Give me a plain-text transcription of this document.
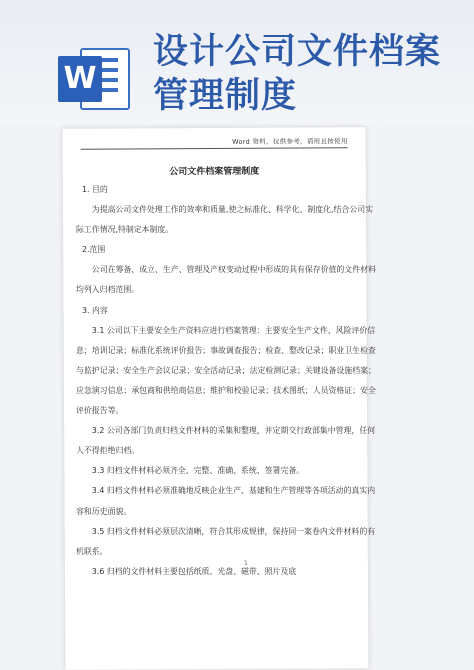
W
设计公司文件档案
管理制度
Word 资料，仅供参考，请用且按使用
公司文件档案管理制度

1. 目的

为提高公司文件处理工作的效率和质量,使之标准化、科学化、制度化,结合公司实际工作情况,特制定本制度。

2.范围

公司在筹备、成立、生产、管理及产权变动过程中形成的具有保存价值的文件材料均列入归档范围。

3. 内容

3.1 公司以下主要安全生产资料应进行档案管理：主要安全生产文件、风险评价信息；培训记录；标准化系统评价报告；事故调查报告；检查、整改记录；职业卫生检查与监护记录；安全生产会议记录；安全活动记录；法定检测记录；关键设备设施档案；应急演习信息；承包商和供给商信息；维护和校验记录；技术图纸；人员资格证；安全评价报告等。

3.2 公司各部门负责归档文件材料的采集和整理，并定期交行政部集中管理，任何人不得拒绝归档。

3.3 归档文件材料必须齐全、完整、准确、系统、签署完备。

3.4 归档文件材料必须准确地反映企业生产、基建和生产管理等各项活动的真实内容和历史面貌。

3.5 归档文件材料必须层次清晰，符合其形成规律，保持同一案卷内文件材料的有机联系。

3.6 归档的文件材料主要包括纸质、光盘、磁带、照片及底

1
